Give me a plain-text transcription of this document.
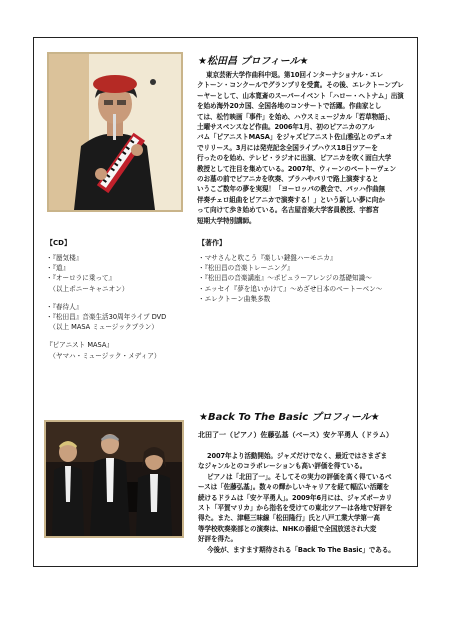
★松田昌 プロフィール★
東京芸術大学作曲科中退。第10回インターナショナル・エレ
クトーン・コンクールでグランプリを受賞。その後、エレクトーンプレ
ーヤーとして、山本寛斎のスーパーイベント「ハロー・ヘトナム」出演
を始め海外20カ国、全国各地のコンサートで活躍。作曲家とし
ては、松竹映画「事件」を始め、ハウスミュージカル「若草物語」、
土曜サスペンスなど作曲。2006年1月、初のピアニカのアル
バム「ピアニストMASA」をジャズピアニスト佐山雅弘とのデュオ
でリリース。3月には発売記念全国ライブハウス18日ツアーを
行ったのを始め、テレビ・ラジオに出演、ピアニカを吹く面白大学
教授として注目を集めている。2007年、ウィーンのベートーヴェン
のお墓の前でピアニカを吹奏、プラハやパリで路上演奏すると
いうこご数年の夢を実現！「ヨーロッパの教会で、パッハ作曲無
伴奏チェロ組曲をピアニカで演奏する！」という新しい夢に向か
って向けて歩き始めている。名古屋音楽大学客員教授、宇都宮
短期大学特別講師。
【CD】
・『蜃気楼』
・『道』
・『オーロラに乗って』
　（以上ポニーキャニオン）
・『春待人』
・『松田昌』音楽生活30周年ライブ DVD
　（以上 MASA ミュージックプラン）
『ピアニスト MASA』
　（ヤマハ・ミュージック・メディア）
【著作】
・マサさんと吹こう『楽しい鍵盤ハーモニカ』
・『松田昌の音楽トレーニング』
・『松田昌の音楽講座』～ポピュラーアレンジの基礎知識～
・エッセイ『夢を追いかけて』～めざせ日本のベートーベン～
・エレクトーン曲集多数
★Back To The Basic プロフィール★
北田了一（ピアノ）佐藤弘基（ベース）安ケ平勇人（ドラム）
2007年より活動開始。ジャズだけでなく、最近ではさまざま
なジャンルとのコラボレーションも高い評価を得ている。
ピアノは「北田了一」。そしてその実力の評価を高く得ているベ
ースは「佐藤弘基」。数々の輝かしいキャリアを経て幅広い活躍を
続けるドラムは「安ケ平勇人」。2009年6月には、ジャズボーカリ
スト「平賀マリカ」から指名を受けての東北ツアーは各地で好評を
得た。また、津軽三味線「松田隆行」氏と八戸工業大学第一高
等学校吹奏楽部との演奏は、NHKの番組で全国放送され大変
好評を得た。
今後が、ますます期待される「Back To The Basic」である。
